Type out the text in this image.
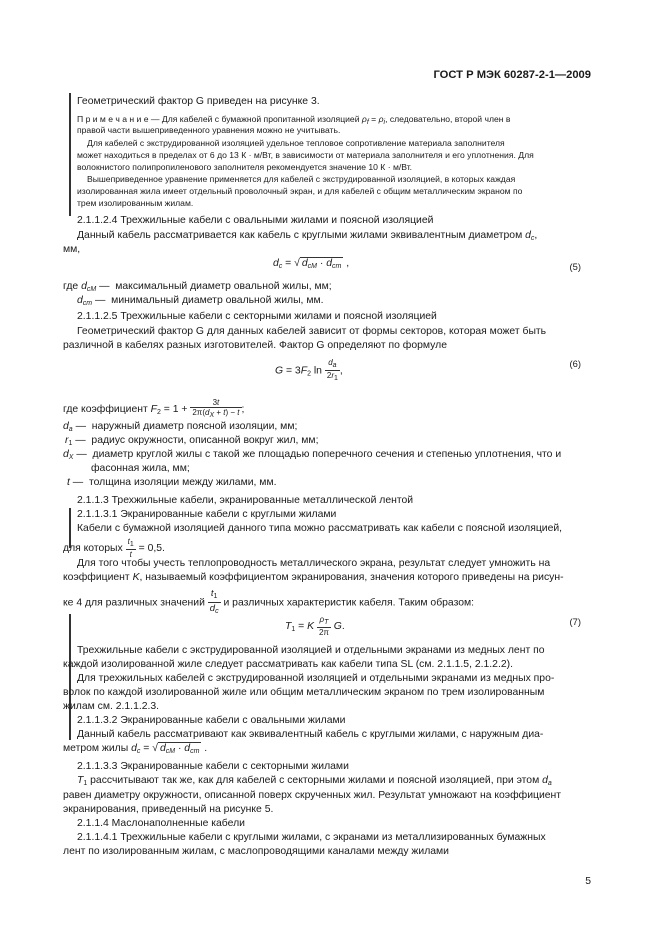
ГОСТ Р МЭК 60287-2-1—2009
Геометрический фактор G приведен на рисунке 3.
П р и м е ч а н и е — Для кабелей с бумажной пропитанной изоляцией $\rho_f = \rho_i$, следовательно, второй член в
правой части вышеприведенного уравнения можно не учитывать.
Для кабелей с экструдированной изоляцией удельное тепловое сопротивление материала заполнителя
может находиться в пределах от 6 до 13 К · м/Вт, в зависимости от материала заполнителя и его уплотнения. Для
волокнистого полипропиленового заполнителя рекомендуется значение 10 К · м/Вт.
Вышеприведенное уравнение применяется для кабелей с экструдированной изоляцией, в которых каждая
изолированная жила имеет отдельный проволочный экран, и для кабелей с общим металлическим экраном по
трем изолированным жилам.
2.1.1.2.4 Трехжильные кабели с овальными жилами и поясной изоляцией
Данный кабель рассматривается как кабель с круглыми жилами эквивалентным диаметром $d_c$,
мм,
$d_c$ = √ $d_{cM} \cdot d_{cm}$ ,	(5)
где $d_{cM}$ —  максимальный диаметр овальной жилы, мм;
$d_{cm}$ —  минимальный диаметр овальной жилы, мм.
2.1.1.2.5 Трехжильные кабели с секторными жилами и поясной изоляцией
Геометрический фактор G для данных кабелей зависит от формы секторов, которая может быть
различной в кабелях разных изготовителей. Фактор G определяют по формуле
$G = 3F_2$ $\ln \frac{da}{2r1}$ ,
(6)
где коэффициент $F_2 = 1 + \frac{3t}{2\pi(dX + t) - t}$ ;
$d_a$ —  наружный диаметр поясной изоляции, мм;
$r_1$ —  радиус окружности, описанной вокруг жил, мм;
$d_X$ —  диаметр круглой жилы с такой же площадью поперечного сечения и степенью уплотнения, что и
фасонная жила, мм;
t —  толщина изоляции между жилами, мм.
2.1.1.3 Трехжильные кабели, экранированные металлической лентой
2.1.1.3.1 Экранированные кабели с круглыми жилами
Кабели с бумажной изоляцией данного типа можно рассматривать как кабели с поясной изоляцией,
для которых $\frac{t1}{t} = 0,5$.
Для того чтобы учесть теплопроводность металлического экрана, результат следует умножить на
коэффициент K, называемый коэффициентом экранирования, значения которого приведены на рисун-
ке 4 для различных значений $\frac{t_1}{d_c}$ и различных характеристик кабеля. Таким образом:
$T_1 = K \frac{\rho T}{2\pi} G$.	(7)
Трехжильные кабели с экструдированной изоляцией и отдельными экранами из медных лент по
каждой изолированной жиле следует рассматривать как кабели типа SL (см. 2.1.1.5, 2.1.2.2).
Для трехжильных кабелей с экструдированной изоляцией и отдельными экранами из медных про-
волок по каждой изолированной жиле или общим металлическим экраном по трем изолированным
жилам см. 2.1.1.2.3.
2.1.1.3.2 Экранированные кабели с овальными жилами
Данный кабель рассматривают как эквивалентный кабель с круглыми жилами, с наружным диа-
метром жилы $d_c$ = √ $d_{cM} \cdot d_{cm}$ .
2.1.1.3.3 Экранированные кабели с секторными жилами
$T_1$ рассчитывают так же, как для кабелей с секторными жилами и поясной изоляцией, при этом $d_a$
равен диаметру окружности, описанной поверх скрученных жил. Результат умножают на коэффициент
экранирования, приведенный на рисунке 5.
2.1.1.4 Маслонаполненные кабели
2.1.1.4.1 Трехжильные кабели с круглыми жилами, с экранами из металлизированных бумажных
лент по изолированным жилам, с маслопроводящими каналами между жилами
5
